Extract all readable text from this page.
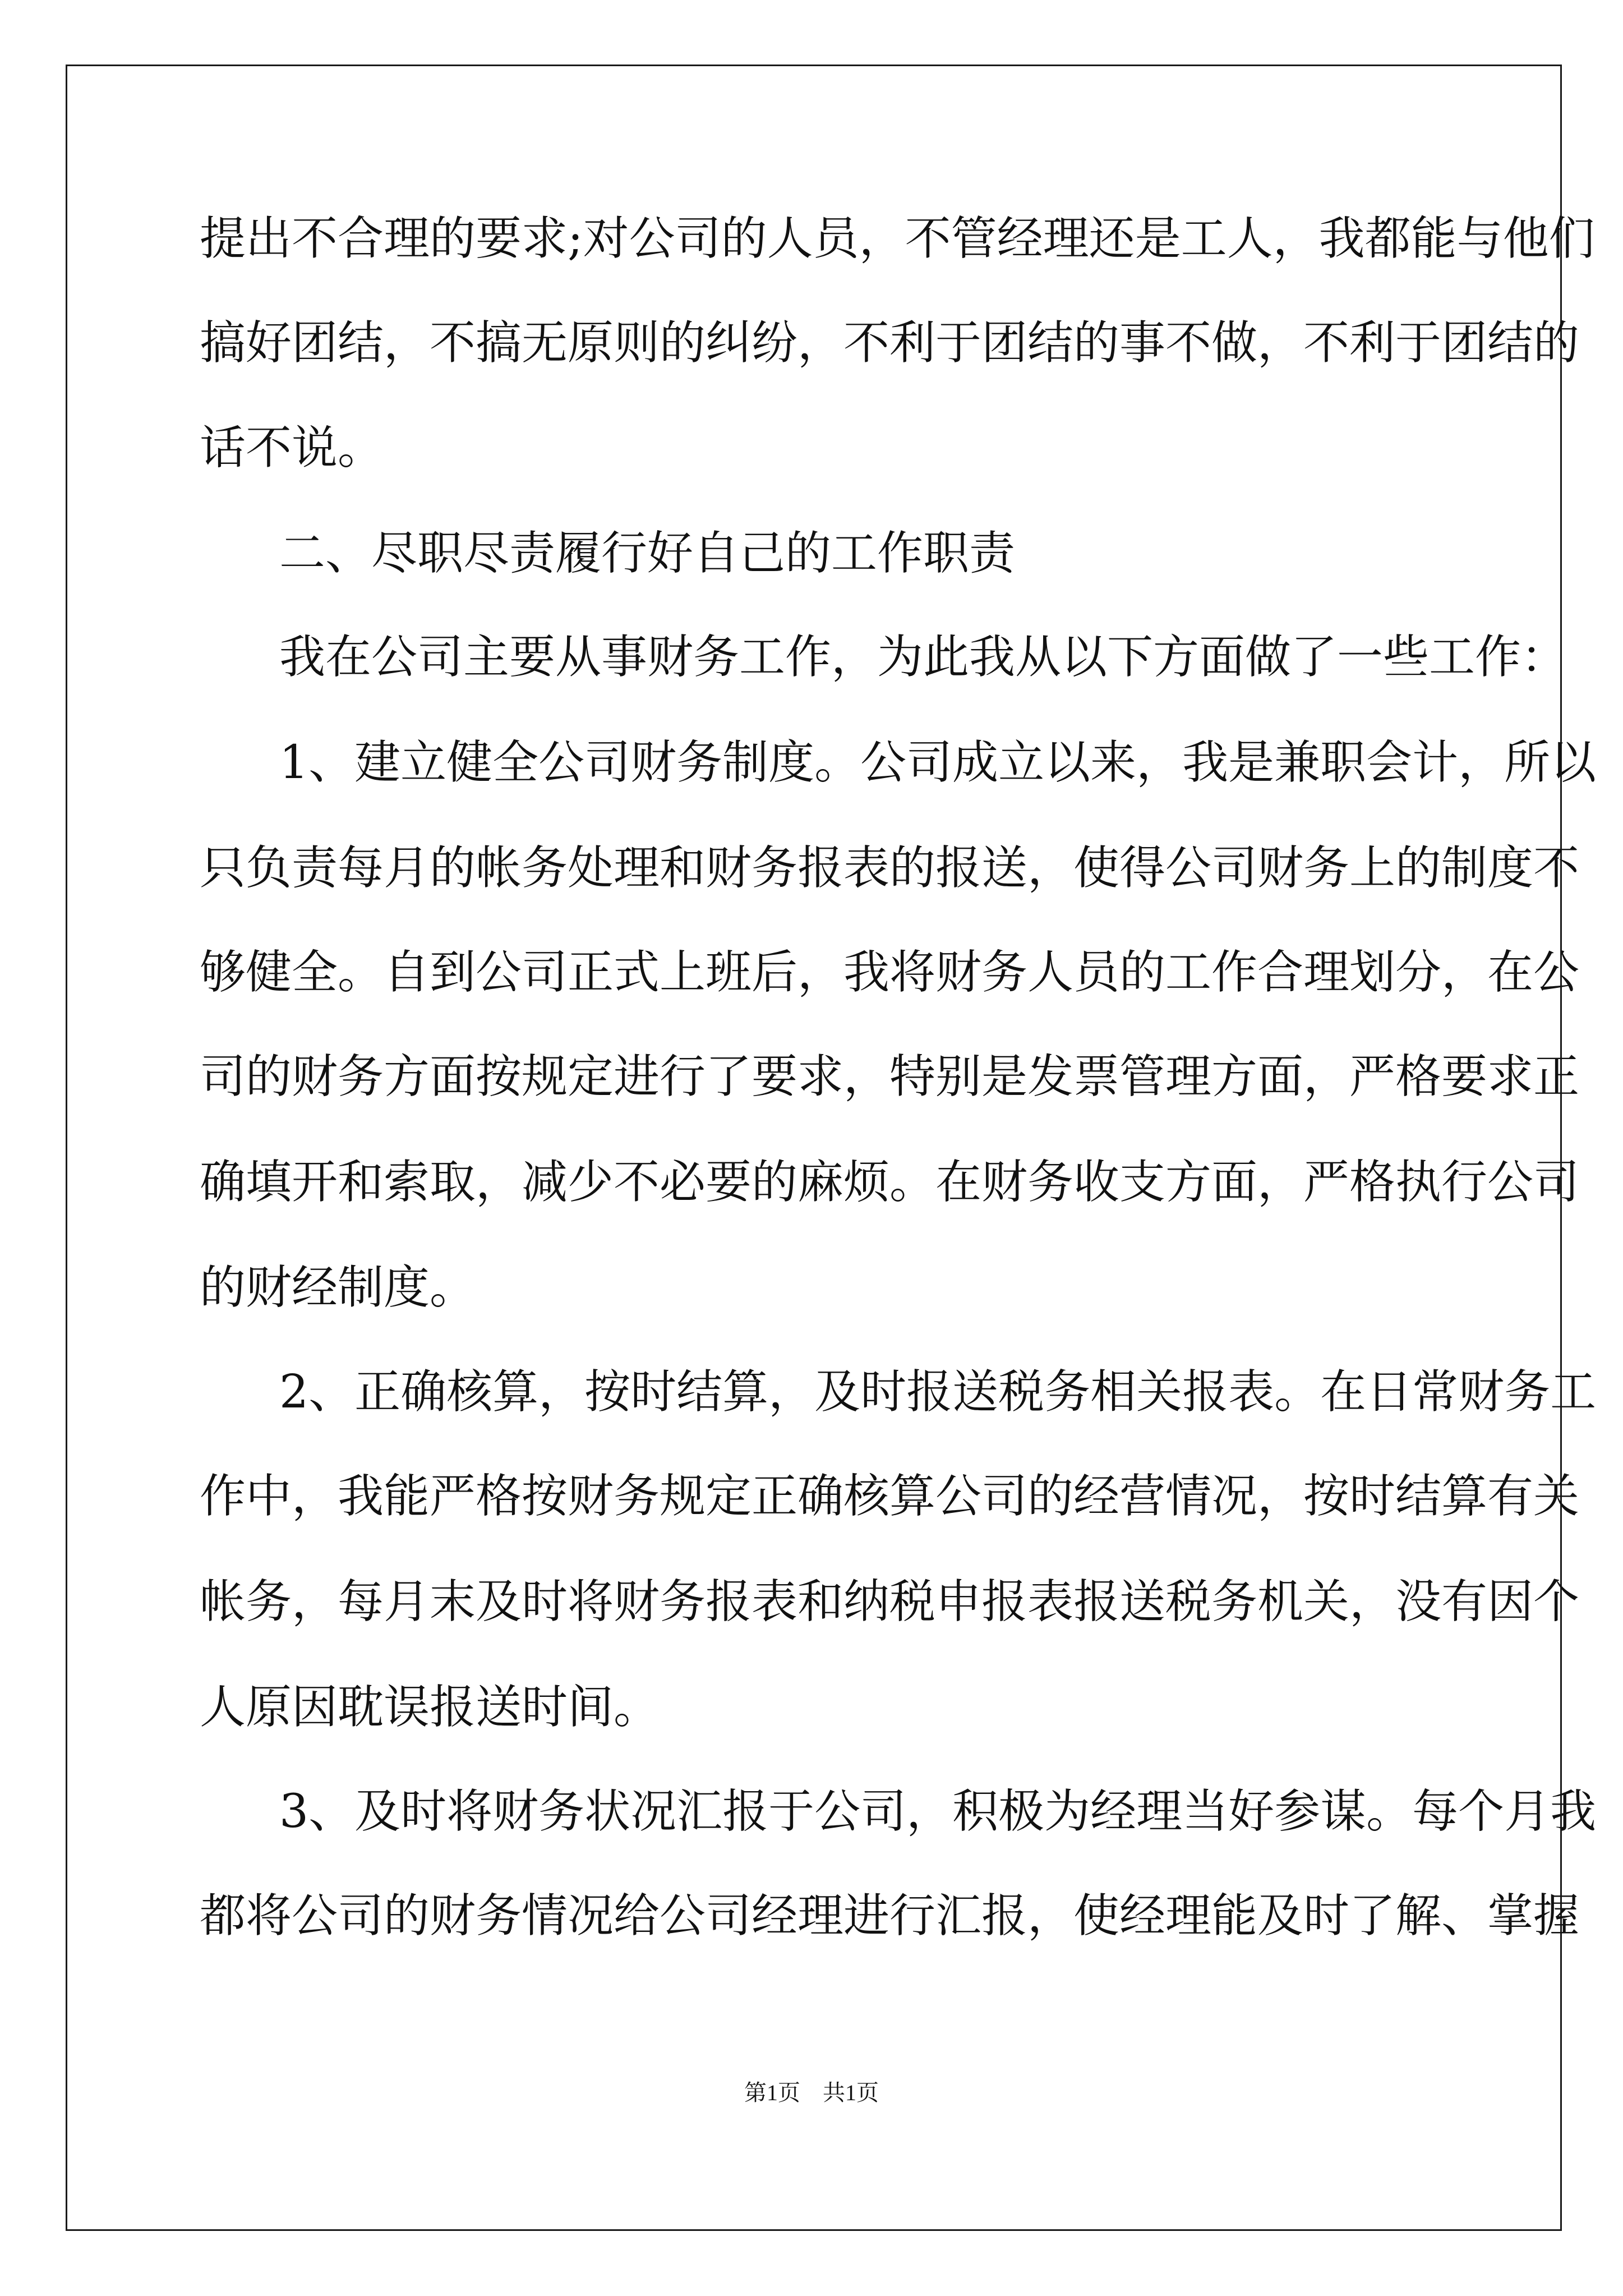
提出不合理的要求;对公司的人员，不管经理还是工人，我都能与他们
搞好团结，不搞无原则的纠纷，不利于团结的事不做，不利于团结的
话不说。
二、尽职尽责履行好自己的工作职责
我在公司主要从事财务工作，为此我从以下方面做了一些工作：
1、建立健全公司财务制度。公司成立以来，我是兼职会计，所以
只负责每月的帐务处理和财务报表的报送，使得公司财务上的制度不
够健全。自到公司正式上班后，我将财务人员的工作合理划分，在公
司的财务方面按规定进行了要求，特别是发票管理方面，严格要求正
确填开和索取，减少不必要的麻烦。在财务收支方面，严格执行公司
的财经制度。
2、正确核算，按时结算，及时报送税务相关报表。在日常财务工
作中，我能严格按财务规定正确核算公司的经营情况，按时结算有关
帐务，每月末及时将财务报表和纳税申报表报送税务机关，没有因个
人原因耽误报送时间。
3、及时将财务状况汇报于公司，积极为经理当好参谋。每个月我
都将公司的财务情况给公司经理进行汇报，使经理能及时了解、掌握
第1页 共1页
